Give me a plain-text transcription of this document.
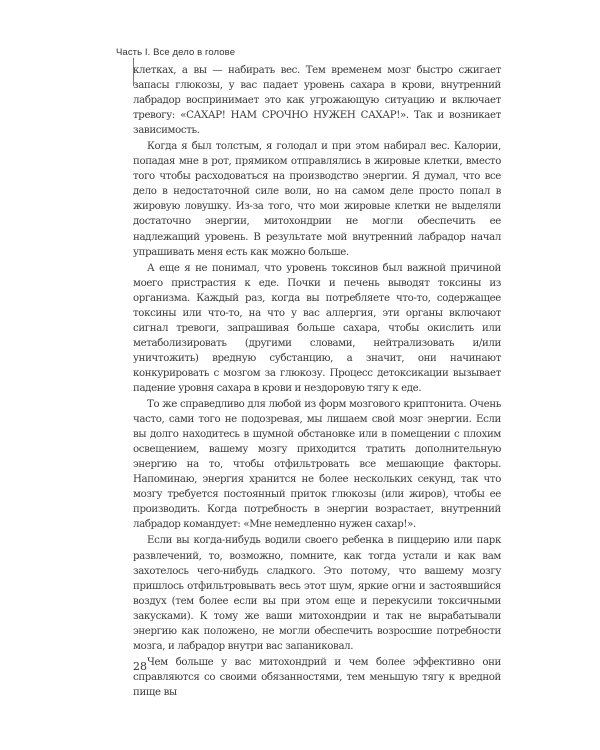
Часть I. Все дело в голове

клетках, а вы — набирать вес. Тем временем мозг быстро сжигает запасы глюкозы, у вас падает уровень сахара в крови, внутренний лабрадор воспринимает это как угрожающую ситуацию и включает тревогу: «САХАР! НАМ СРОЧНО НУЖЕН САХАР!». Так и возникает зависимость.

Когда я был толстым, я голодал и при этом набирал вес. Калории, попадая мне в рот, прямиком отправлялись в жировые клетки, вместо того чтобы расходоваться на производство энергии. Я думал, что все дело в недостаточной силе воли, но на самом деле просто попал в жировую ловушку. Из-за того, что мои жировые клетки не выделяли достаточно энергии, митохондрии не могли обеспечить ее надлежащий уровень. В результате мой внутренний лабрадор начал упрашивать меня есть как можно больше.

А еще я не понимал, что уровень токсинов был важной причиной моего пристрастия к еде. Почки и печень выводят токсины из организма. Каждый раз, когда вы потребляете что-то, содержащее токсины или что-то, на что у вас аллергия, эти органы включают сигнал тревоги, запрашивая больше сахара, чтобы окислить или метаболизировать (другими словами, нейтрализовать и/или уничтожить) вредную субстанцию, а значит, они начинают конкурировать с мозгом за глюкозу. Процесс детоксикации вызывает падение уровня сахара в крови и нездоровую тягу к еде.

То же справедливо для любой из форм мозгового криптонита. Очень часто, сами того не подозревая, мы лишаем свой мозг энергии. Если вы долго находитесь в шумной обстановке или в помещении с плохим освещением, вашему мозгу приходится тратить дополнительную энергию на то, чтобы отфильтровать все мешающие факторы. Напоминаю, энергия хранится не более нескольких секунд, так что мозгу требуется постоянный приток глюкозы (или жиров), чтобы ее производить. Когда потребность в энергии возрастает, внутренний лабрадор командует: «Мне немедленно нужен сахар!».

Если вы когда-нибудь водили своего ребенка в пиццерию или парк развлечений, то, возможно, помните, как тогда устали и как вам захотелось чего-нибудь сладкого. Это потому, что вашему мозгу пришлось отфильтровывать весь этот шум, яркие огни и застоявшийся воздух (тем более если вы при этом еще и перекусили токсичными закусками). К тому же ваши митохондрии и так не вырабатывали энергию как положено, не могли обеспечить возросшие потребности мозга, и лабрадор внутри вас запаниковал.

Чем больше у вас митохондрий и чем более эффективно они справляются со своими обязанностями, тем меньшую тягу к вредной пище вы

28
